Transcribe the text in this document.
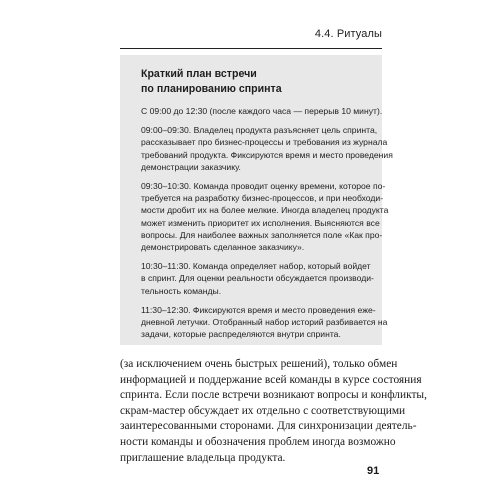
4.4. Ритуалы
Краткий план встречи
по планированию спринта
С 09:00 до 12:30 (после каждого часа — перерыв 10 минут).
09:00–09:30. Владелец продукта разъясняет цель спринта,
рассказывает про бизнес-процессы и требования из журнала
требований продукта. Фиксируются время и место проведения
демонстрации заказчику.
09:30–10:30. Команда проводит оценку времени, которое по-
требуется на разработку бизнес-процессов, и при необходи-
мости дробит их на более мелкие. Иногда владелец продукта
может изменить приоритет их исполнения. Выясняются все
вопросы. Для наиболее важных заполняется поле «Как про-
демонстрировать сделанное заказчику».
10:30–11:30. Команда определяет набор, который войдет
в спринт. Для оценки реальности обсуждается производи-
тельность команды.
11:30–12:30. Фиксируются время и место проведения еже-
дневной летучки. Отобранный набор историй разбивается на
задачи, которые распределяются внутри спринта.
(за исключением очень быстрых решений), только обмен
информацией и поддержание всей команды в курсе состояния
спринта. Если после встречи возникают вопросы и конфликты,
скрам-мастер обсуждает их отдельно с соответствующими
заинтересованными сторонами. Для синхронизации деятель-
ности команды и обозначения проблем иногда возможно
приглашение владельца продукта.
91
